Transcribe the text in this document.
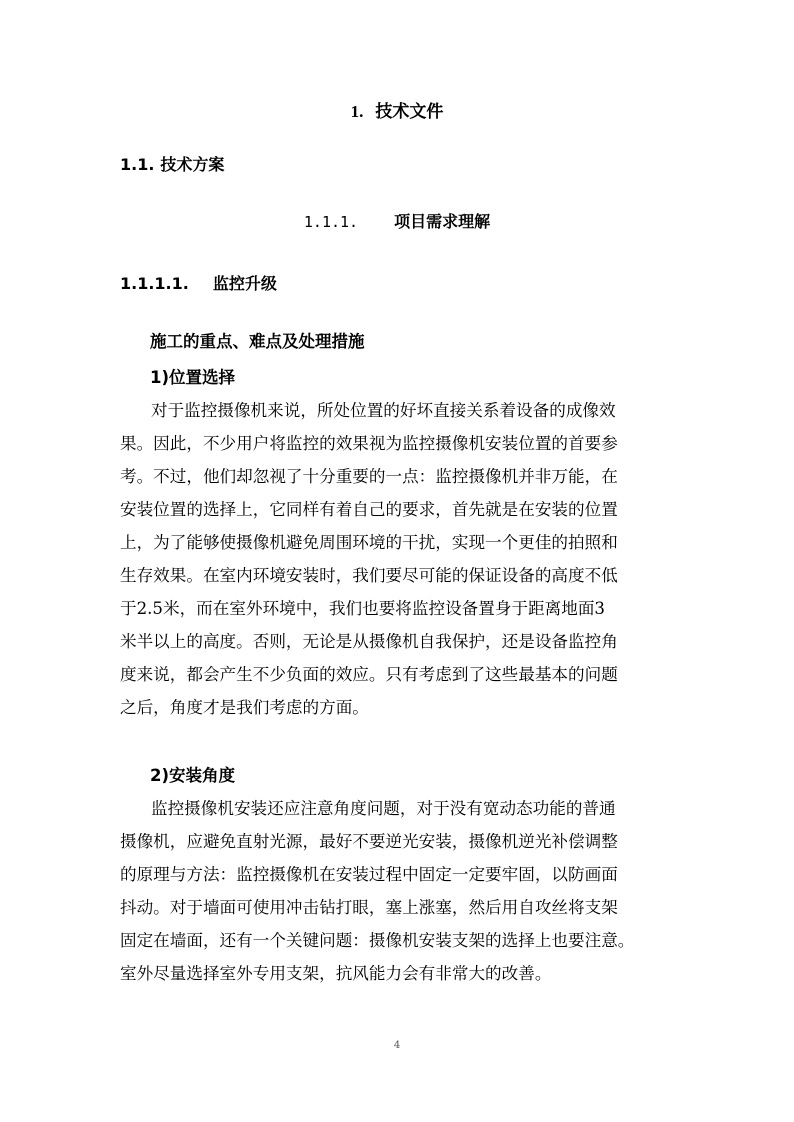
1. 技术文件
1.1. 技术方案
1.1.1. 项目需求理解
1.1.1.1. 监控升级
施工的重点、难点及处理措施
1)位置选择
对于监控摄像机来说，所处位置的好坏直接关系着设备的成像效
果。因此，不少用户将监控的效果视为监控摄像机安装位置的首要参
考。不过，他们却忽视了十分重要的一点：监控摄像机并非万能，在
安装位置的选择上，它同样有着自己的要求，首先就是在安装的位置
上，为了能够使摄像机避免周围环境的干扰，实现一个更佳的拍照和
生存效果。在室内环境安装时，我们要尽可能的保证设备的高度不低
于2.5米，而在室外环境中，我们也要将监控设备置身于距离地面3
米半以上的高度。否则，无论是从摄像机自我保护，还是设备监控角
度来说，都会产生不少负面的效应。只有考虑到了这些最基本的问题
之后，角度才是我们考虑的方面。
2)安装角度
监控摄像机安装还应注意角度问题，对于没有宽动态功能的普通
摄像机，应避免直射光源，最好不要逆光安装，摄像机逆光补偿调整
的原理与方法：监控摄像机在安装过程中固定一定要牢固，以防画面
抖动。对于墙面可使用冲击钻打眼，塞上涨塞，然后用自攻丝将支架
固定在墙面，还有一个关键问题：摄像机安装支架的选择上也要注意。
室外尽量选择室外专用支架，抗风能力会有非常大的改善。
4
